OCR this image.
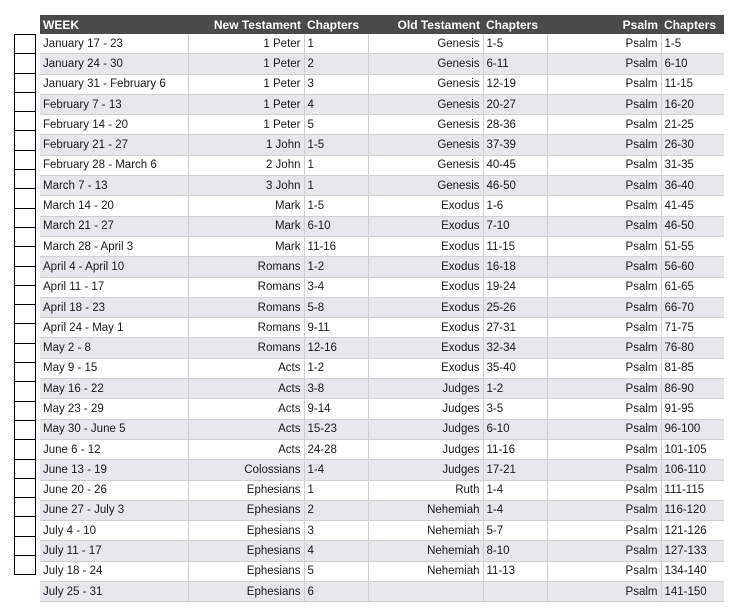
WEEK	New Testament	Chapters	Old Testament	Chapters	Psalm	Chapters
January 17 - 23	1 Peter	1	Genesis	1-5	Psalm	1-5
January 24 - 30	1 Peter	2	Genesis	6-11	Psalm	6-10
January 31 - February 6	1 Peter	3	Genesis	12-19	Psalm	11-15
February 7 - 13	1 Peter	4	Genesis	20-27	Psalm	16-20
February 14 - 20	1 Peter	5	Genesis	28-36	Psalm	21-25
February 21 - 27	1 John	1-5	Genesis	37-39	Psalm	26-30
February 28 - March 6	2 John	1	Genesis	40-45	Psalm	31-35
March 7 - 13	3 John	1	Genesis	46-50	Psalm	36-40
March 14 - 20	Mark	1-5	Exodus	1-6	Psalm	41-45
March 21 - 27	Mark	6-10	Exodus	7-10	Psalm	46-50
March 28 - April 3	Mark	11-16	Exodus	11-15	Psalm	51-55
April 4 - April 10	Romans	1-2	Exodus	16-18	Psalm	56-60
April 11 - 17	Romans	3-4	Exodus	19-24	Psalm	61-65
April 18 - 23	Romans	5-8	Exodus	25-26	Psalm	66-70
April 24 - May 1	Romans	9-11	Exodus	27-31	Psalm	71-75
May 2 - 8	Romans	12-16	Exodus	32-34	Psalm	76-80
May 9 - 15	Acts	1-2	Exodus	35-40	Psalm	81-85
May 16 - 22	Acts	3-8	Judges	1-2	Psalm	86-90
May 23 - 29	Acts	9-14	Judges	3-5	Psalm	91-95
May 30 - June 5	Acts	15-23	Judges	6-10	Psalm	96-100
June 6 - 12	Acts	24-28	Judges	11-16	Psalm	101-105
June 13 - 19	Colossians	1-4	Judges	17-21	Psalm	106-110
June 20 - 26	Ephesians	1	Ruth	1-4	Psalm	111-115
June 27 - July 3	Ephesians	2	Nehemiah	1-4	Psalm	116-120
July 4 - 10	Ephesians	3	Nehemiah	5-7	Psalm	121-126
July 11 - 17	Ephesians	4	Nehemiah	8-10	Psalm	127-133
July 18 - 24	Ephesians	5	Nehemiah	11-13	Psalm	134-140
July 25 - 31	Ephesians	6			Psalm	141-150
